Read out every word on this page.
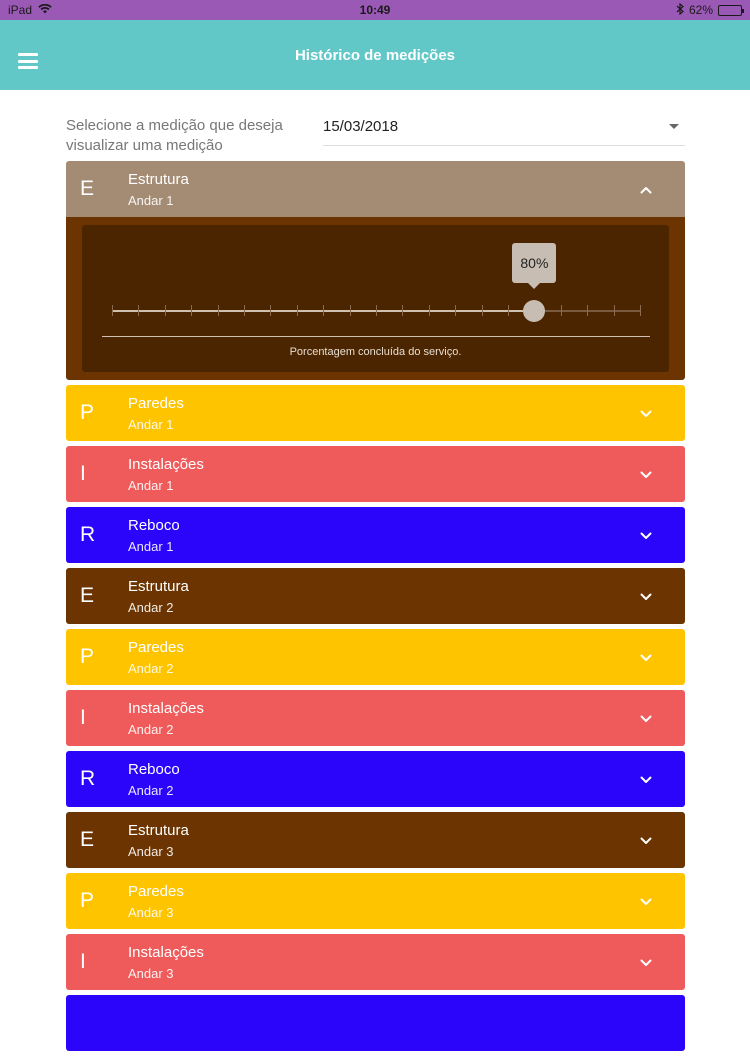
iPad	10:49	62%
Histórico de medições
Selecione a medição que deseja visualizar uma medição
15/03/2018
E Estrutura
Andar 1
80%
Porcentagem concluída do serviço.
P Paredes
Andar 1
I	Instalações
Andar 1
R Reboco
Andar 1
E Estrutura
Andar 2
P Paredes
Andar 2
I	Instalações
Andar 2
R Reboco
Andar 2
E Estrutura
Andar 3
P Paredes
Andar 3
I	Instalações
Andar 3
